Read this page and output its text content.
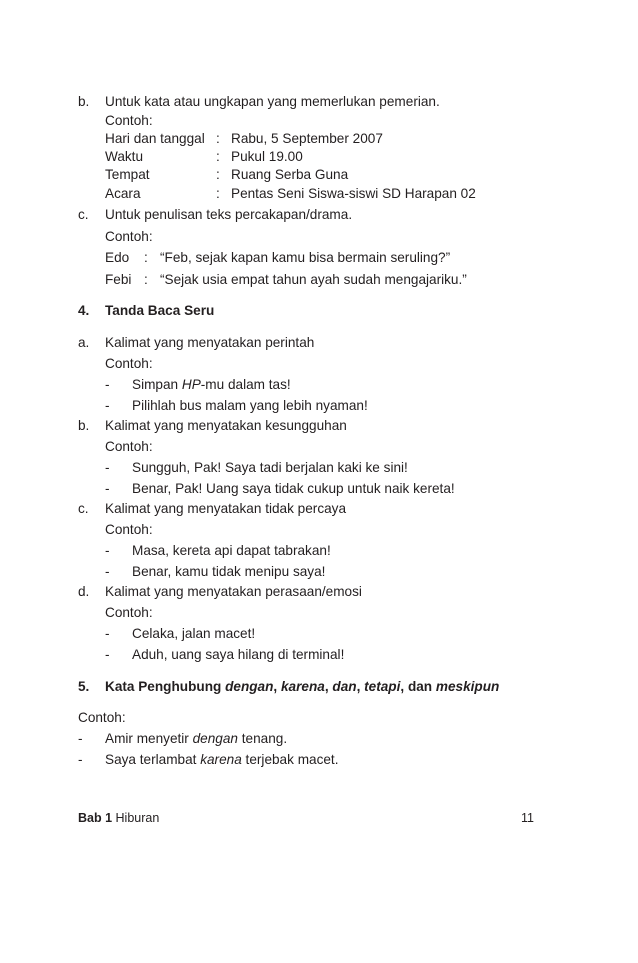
b. Untuk kata atau ungkapan yang memerlukan pemerian.
Contoh:
Hari dan tanggal : Rabu, 5 September 2007
Waktu	: Pukul 19.00
Tempat	: Ruang Serba Guna
Acara	: Pentas Seni Siswa-siswi SD Harapan 02
c. Untuk penulisan teks percakapan/drama.
Contoh:
Edo : “Feb, sejak kapan kamu bisa bermain seruling?”
Febi : “Sejak usia empat tahun ayah sudah mengajariku.”
4. Tanda Baca Seru
a. Kalimat yang menyatakan perintah
Contoh:
- Simpan HP-mu dalam tas!
- Pilihlah bus malam yang lebih nyaman!
b. Kalimat yang menyatakan kesungguhan
Contoh:
- Sungguh, Pak! Saya tadi berjalan kaki ke sini!
- Benar, Pak! Uang saya tidak cukup untuk naik kereta!
c. Kalimat yang menyatakan tidak percaya
Contoh:
- Masa, kereta api dapat tabrakan!
- Benar, kamu tidak menipu saya!
d. Kalimat yang menyatakan perasaan/emosi
Contoh:
- Celaka, jalan macet!
- Aduh, uang saya hilang di terminal!
5. Kata Penghubung dengan, karena, dan, tetapi, dan meskipun
Contoh:
- Amir menyetir dengan tenang.
- Saya terlambat karena terjebak macet.
Bab 1 Hiburan	11
